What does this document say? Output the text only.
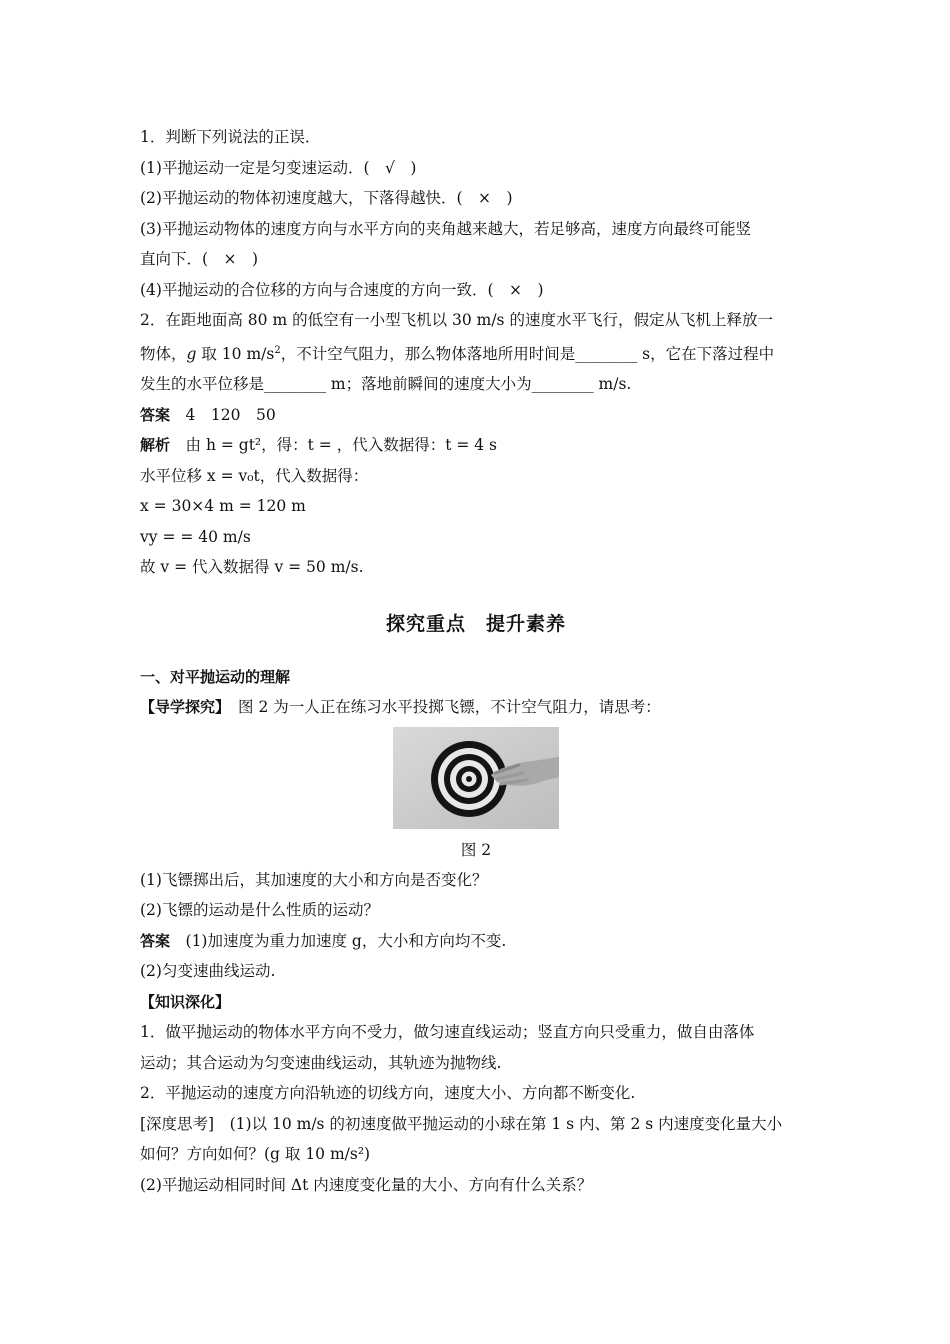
1．判断下列说法的正误．
(1)平抛运动一定是匀变速运动．(　√　)
(2)平抛运动的物体初速度越大，下落得越快．(　×　)
(3)平抛运动物体的速度方向与水平方向的夹角越来越大，若足够高，速度方向最终可能竖
直向下．(　×　)
(4)平抛运动的合位移的方向与合速度的方向一致．(　×　)
2．在距地面高 80 m 的低空有一小型飞机以 30 m/s 的速度水平飞行，假定从飞机上释放一
物体，g 取 10 $m/s^2$，不计空气阻力，那么物体落地所用时间是________ s，它在下落过程中
发生的水平位移是________ m；落地前瞬间的速度大小为________ m/s.
答案　4　120　50
解析　由 h = gt²，得：t = ，代入数据得：t = 4 s
水平位移 x = v₀t，代入数据得：
x = 30×4 m = 120 m
vy = = 40 m/s
故 v = 代入数据得 v = 50 m/s.
探究重点　提升素养
一、对平抛运动的理解
【导学探究】　图 2 为一人正在练习水平投掷飞镖，不计空气阻力，请思考：
图 2
(1)飞镖掷出后，其加速度的大小和方向是否变化？
(2)飞镖的运动是什么性质的运动？
答案　(1)加速度为重力加速度 g，大小和方向均不变.
(2)匀变速曲线运动.
【知识深化】
1．做平抛运动的物体水平方向不受力，做匀速直线运动；竖直方向只受重力，做自由落体
运动；其合运动为匀变速曲线运动，其轨迹为抛物线.
2．平抛运动的速度方向沿轨迹的切线方向，速度大小、方向都不断变化.
[深度思考]　(1)以 10 m/s 的初速度做平抛运动的小球在第 1 s 内、第 2 s 内速度变化量大小
如何？方向如何？(g 取 10 m/s²)
(2)平抛运动相同时间 Δt 内速度变化量的大小、方向有什么关系？
